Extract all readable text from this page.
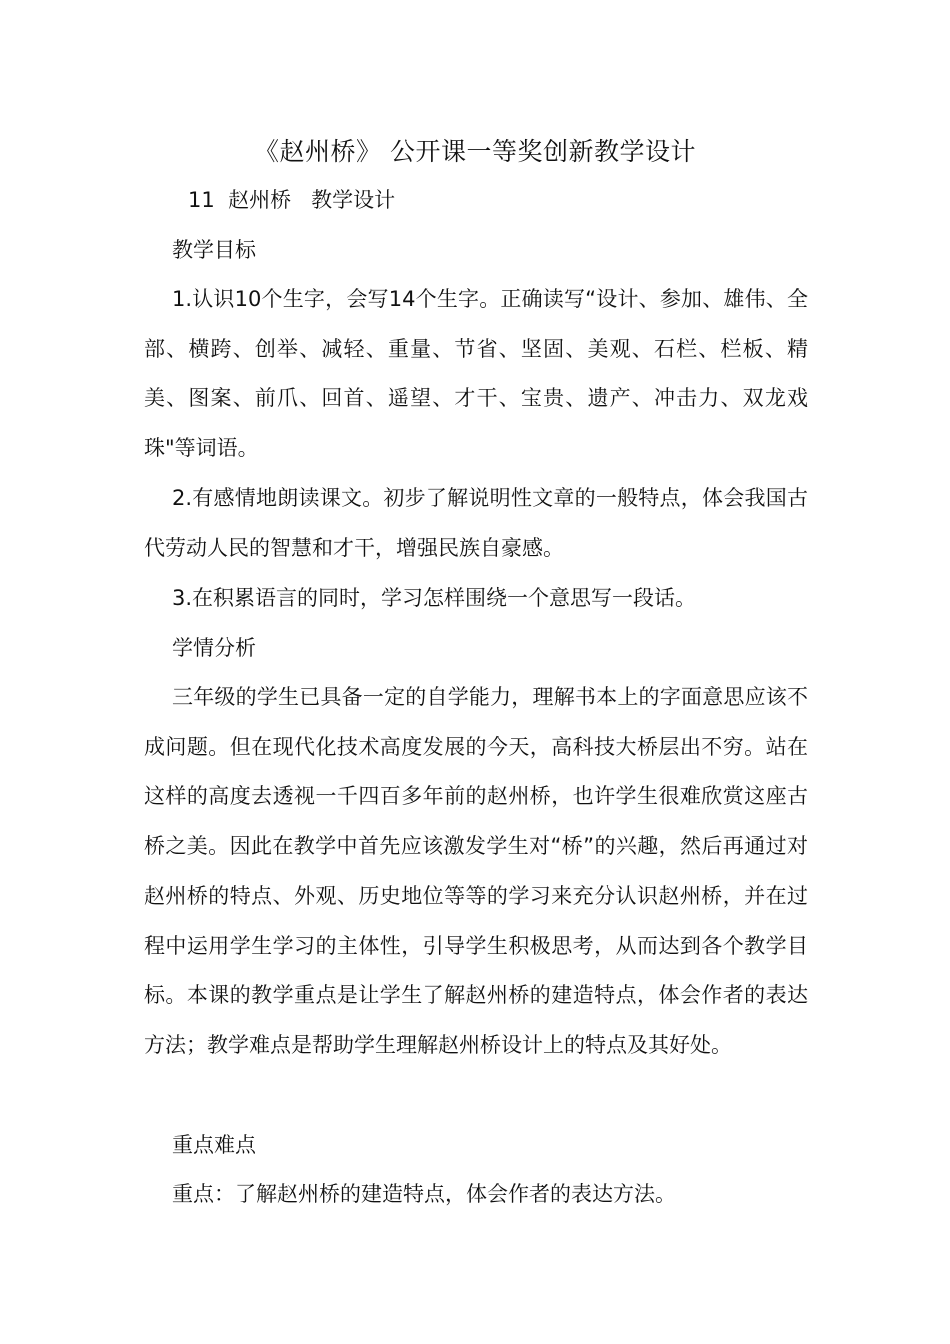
《赵州桥》 公开课一等奖创新教学设计

11  赵州桥   教学设计

教学目标

1.认识10个生字，会写14个生字。正确读写“设计、参加、雄伟、全部、横跨、创举、减轻、重量、节省、坚固、美观、石栏、栏板、精美、图案、前爪、回首、遥望、才干、宝贵、遗产、冲击力、双龙戏珠"等词语。

2.有感情地朗读课文。初步了解说明性文章的一般特点，体会我国古代劳动人民的智慧和才干，增强民族自豪感。

3.在积累语言的同时，学习怎样围绕一个意思写一段话。

学情分析

三年级的学生已具备一定的自学能力，理解书本上的字面意思应该不成问题。但在现代化技术高度发展的今天，高科技大桥层出不穷。站在这样的高度去透视一千四百多年前的赵州桥，也许学生很难欣赏这座古桥之美。因此在教学中首先应该激发学生对“桥”的兴趣，然后再通过对赵州桥的特点、外观、历史地位等等的学习来充分认识赵州桥，并在过程中运用学生学习的主体性，引导学生积极思考，从而达到各个教学目标。本课的教学重点是让学生了解赵州桥的建造特点，体会作者的表达方法；教学难点是帮助学生理解赵州桥设计上的特点及其好处。

重点难点

重点：了解赵州桥的建造特点，体会作者的表达方法。
